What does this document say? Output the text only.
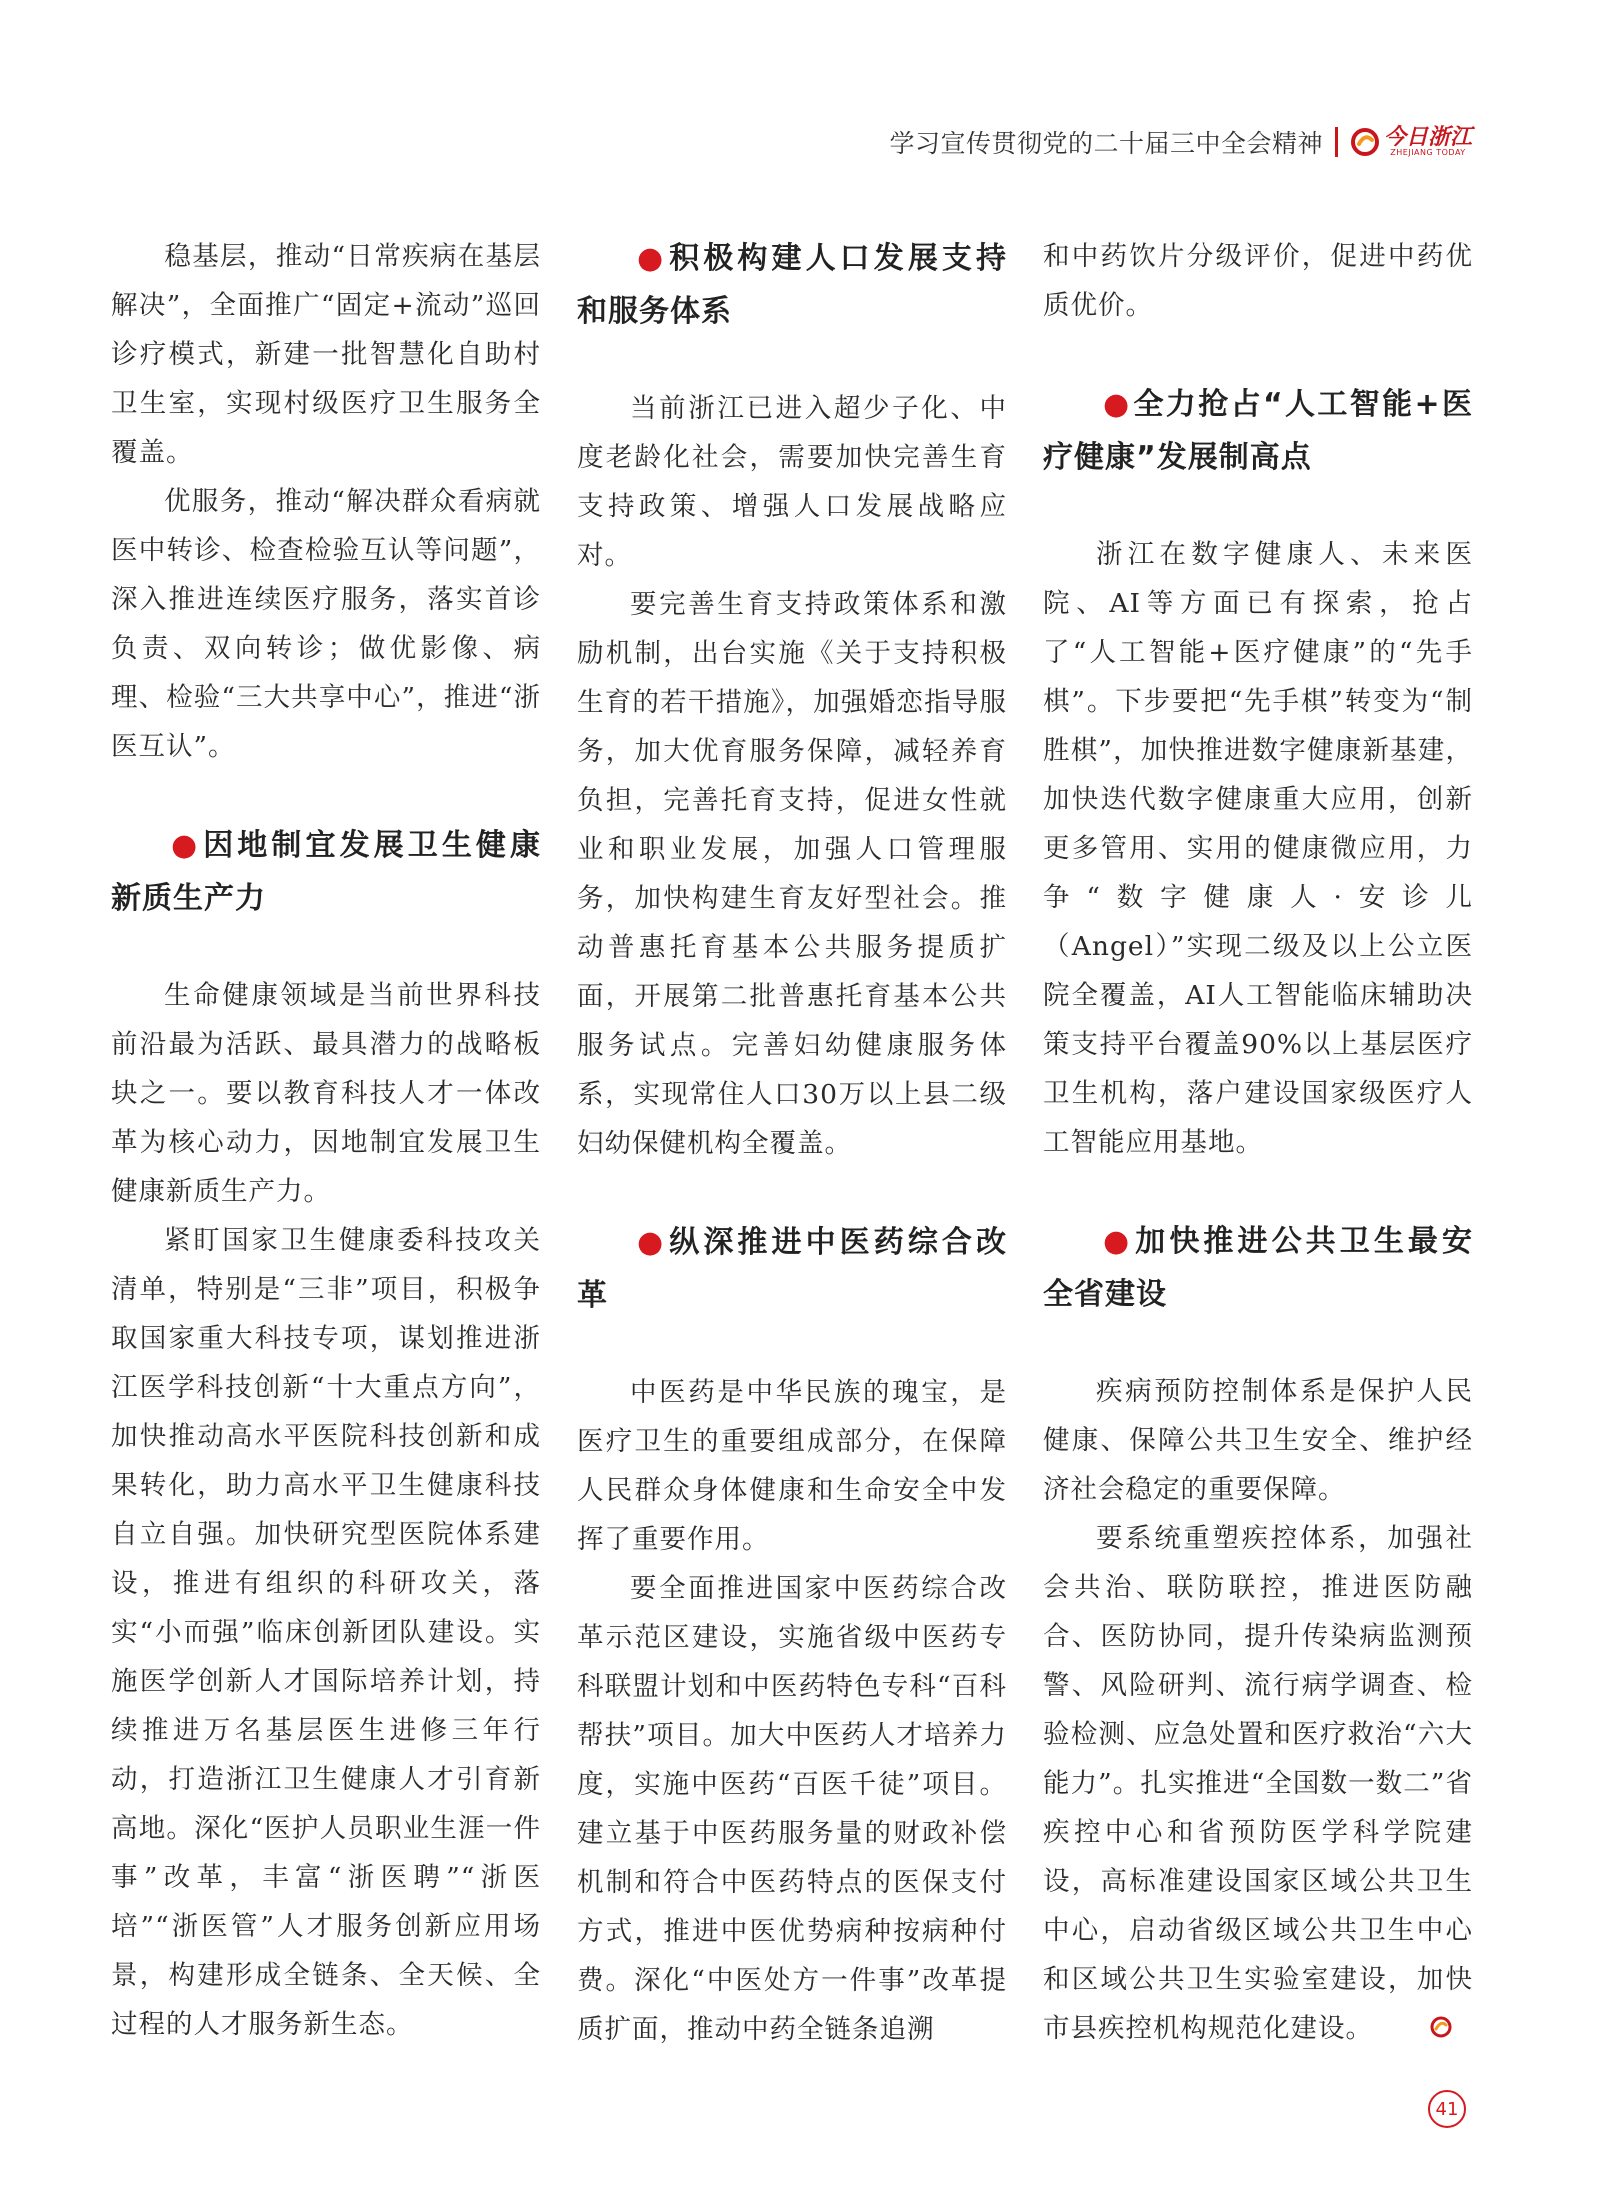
学习宣传贯彻党的二十届三中全会精神	今日浙江
ZHEJIANG TODAY

稳基层，推动“日常疾病在基层解决”，全面推广“固定+流动”巡回诊疗模式，新建一批智慧化自助村卫生室，实现村级医疗卫生服务全覆盖。

优服务，推动“解决群众看病就医中转诊、检查检验互认等问题”，深入推进连续医疗服务，落实首诊负责、双向转诊；做优影像、病理、检验“三大共享中心”，推进“浙医互认”。

●因地制宜发展卫生健康新质生产力

生命健康领域是当前世界科技前沿最为活跃、最具潜力的战略板块之一。要以教育科技人才一体改革为核心动力，因地制宜发展卫生健康新质生产力。

紧盯国家卫生健康委科技攻关清单，特别是“三非”项目，积极争取国家重大科技专项，谋划推进浙江医学科技创新“十大重点方向”，加快推动高水平医院科技创新和成果转化，助力高水平卫生健康科技自立自强。加快研究型医院体系建设，推进有组织的科研攻关，落实“小而强”临床创新团队建设。实施医学创新人才国际培养计划，持续推进万名基层医生进修三年行动，打造浙江卫生健康人才引育新高地。深化“医护人员职业生涯一件事”改革，丰富“浙医聘”“浙医培”“浙医管”人才服务创新应用场景，构建形成全链条、全天候、全过程的人才服务新生态。

●积极构建人口发展支持和服务体系

当前浙江已进入超少子化、中度老龄化社会，需要加快完善生育支持政策、增强人口发展战略应对。

要完善生育支持政策体系和激励机制，出台实施《关于支持积极生育的若干措施》，加强婚恋指导服务，加大优育服务保障，减轻养育负担，完善托育支持，促进女性就业和职业发展，加强人口管理服务，加快构建生育友好型社会。推动普惠托育基本公共服务提质扩面，开展第二批普惠托育基本公共服务试点。完善妇幼健康服务体系，实现常住人口30万以上县二级妇幼保健机构全覆盖。

●纵深推进中医药综合改革

中医药是中华民族的瑰宝，是医疗卫生的重要组成部分，在保障人民群众身体健康和生命安全中发挥了重要作用。

要全面推进国家中医药综合改革示范区建设，实施省级中医药专科联盟计划和中医药特色专科“百科帮扶”项目。加大中医药人才培养力度，实施中医药“百医千徒”项目。建立基于中医药服务量的财政补偿机制和符合中医药特点的医保支付方式，推进中医优势病种按病种付费。深化“中医处方一件事”改革提质扩面，推动中药全链条追溯

和中药饮片分级评价，促进中药优质优价。

●全力抢占“人工智能+医疗健康”发展制高点

浙江在数字健康人、未来医院、AI等方面已有探索，抢占了“人工智能+医疗健康”的“先手棋”。下步要把“先手棋”转变为“制胜棋”，加快推进数字健康新基建，加快迭代数字健康重大应用，创新更多管用、实用的健康微应用，力争“数字健康人·安诊儿（Angel）”实现二级及以上公立医院全覆盖，AI人工智能临床辅助决策支持平台覆盖90%以上基层医疗卫生机构，落户建设国家级医疗人工智能应用基地。

●加快推进公共卫生最安全省建设

疾病预防控制体系是保护人民健康、保障公共卫生安全、维护经济社会稳定的重要保障。

要系统重塑疾控体系，加强社会共治、联防联控，推进医防融合、医防协同，提升传染病监测预警、风险研判、流行病学调查、检验检测、应急处置和医疗救治“六大能力”。扎实推进“全国数一数二”省疾控中心和省预防医学科学院建设，高标准建设国家区域公共卫生中心，启动省级区域公共卫生中心和区域公共卫生实验室建设，加快市县疾控机构规范化建设。

41
